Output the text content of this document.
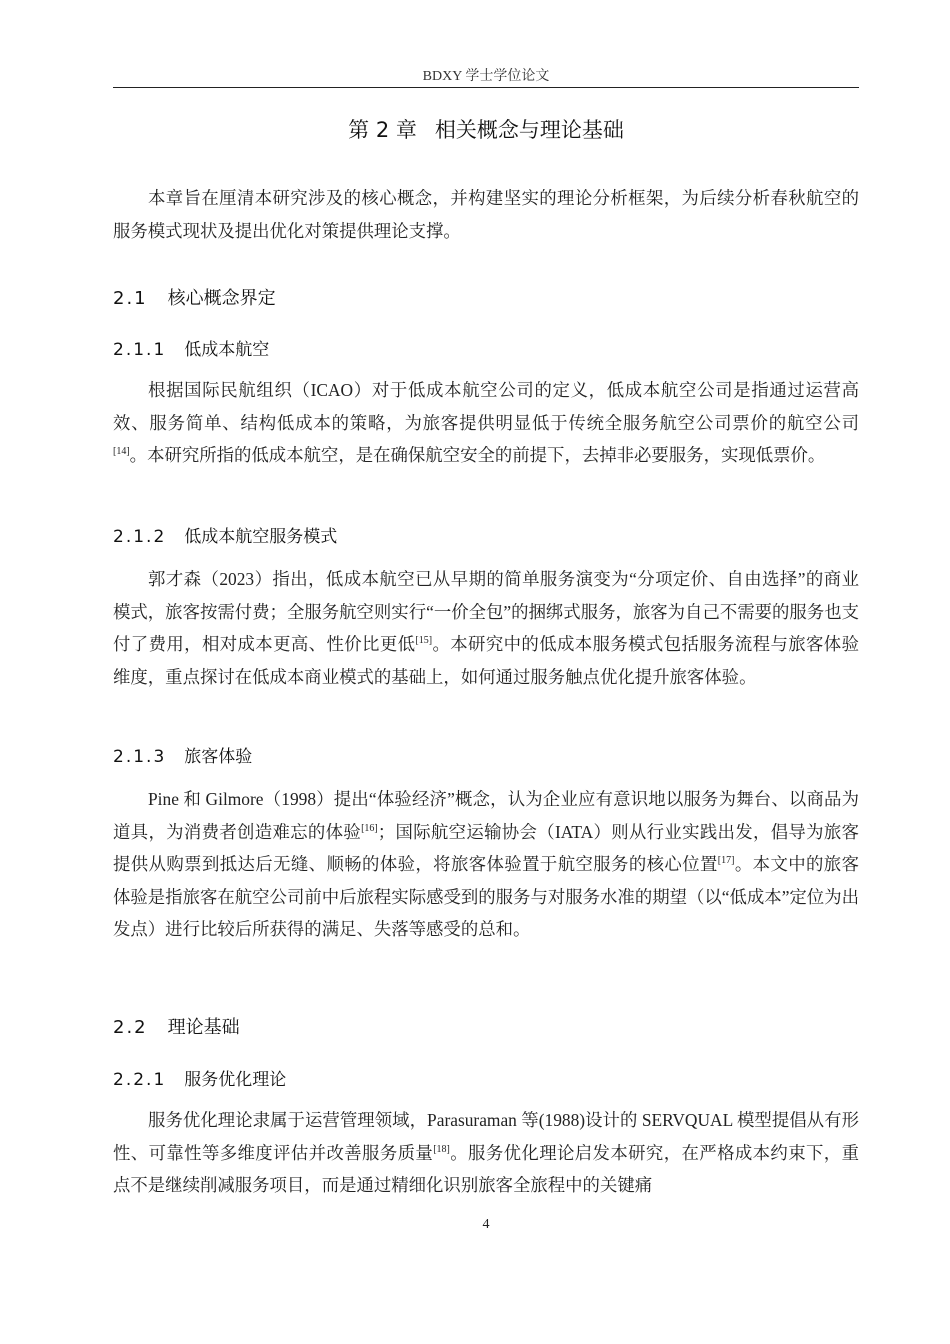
BDXY 学士学位论文
第 2 章 相关概念与理论基础

本章旨在厘清本研究涉及的核心概念，并构建坚实的理论分析框架，为后续分析春秋航空的服务模式现状及提出优化对策提供理论支撑。

2.1 核心概念界定
2.1.1 低成本航空

根据国际民航组织（ICAO）对于低成本航空公司的定义，低成本航空公司是指通过运营高效、服务简单、结构低成本的策略，为旅客提供明显低于传统全服务航空公司票价的航空公司[14]。本研究所指的低成本航空，是在确保航空安全的前提下，去掉非必要服务，实现低票价。

2.1.2 低成本航空服务模式

郭才森（2023）指出，低成本航空已从早期的简单服务演变为“分项定价、自由选择”的商业模式，旅客按需付费；全服务航空则实行“一价全包”的捆绑式服务，旅客为自己不需要的服务也支付了费用，相对成本更高、性价比更低[15]。本研究中的低成本服务模式包括服务流程与旅客体验维度，重点探讨在低成本商业模式的基础上，如何通过服务触点优化提升旅客体验。

2.1.3 旅客体验

Pine 和 Gilmore（1998）提出“体验经济”概念，认为企业应有意识地以服务为舞台、以商品为道具，为消费者创造难忘的体验[16]；国际航空运输协会（IATA）则从行业实践出发，倡导为旅客提供从购票到抵达后无缝、顺畅的体验，将旅客体验置于航空服务的核心位置[17]。本文中的旅客体验是指旅客在航空公司前中后旅程实际感受到的服务与对服务水准的期望（以“低成本”定位为出发点）进行比较后所获得的满足、失落等感受的总和。

2.2 理论基础
2.2.1 服务优化理论

服务优化理论隶属于运营管理领域，Parasuraman 等(1988)设计的 SERVQUAL 模型提倡从有形性、可靠性等多维度评估并改善服务质量[18]。服务优化理论启发本研究，在严格成本约束下，重点不是继续削减服务项目，而是通过精细化识别旅客全旅程中的关键痛

4
